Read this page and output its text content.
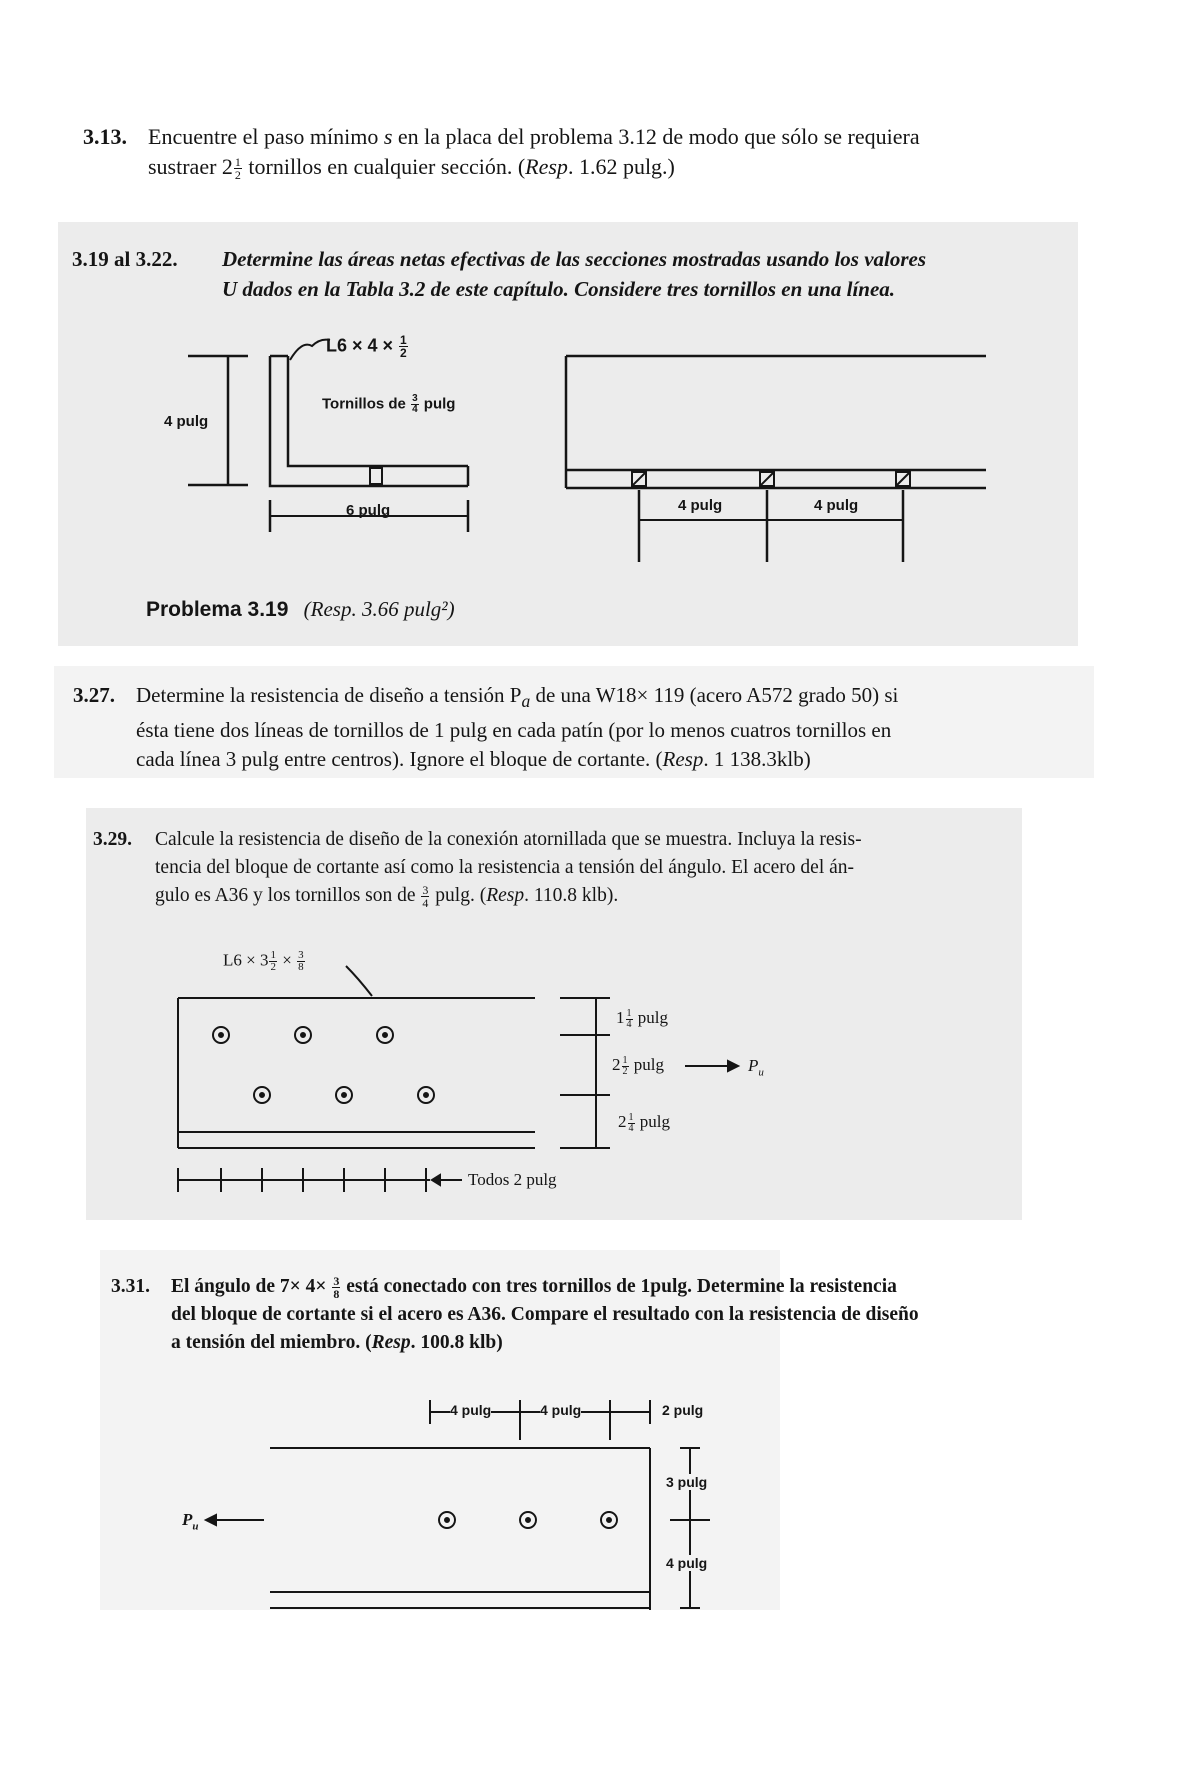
3.13. Encuentre el paso mínimo s en la placa del problema 3.12 de modo que sólo se requiera
sustraer $2 \frac{1}{2}$ tornillos en cualquier sección. (Resp. 1.62 pulg.)
3.19 al 3.22. Determine las áreas netas efectivas de las secciones mostradas usando los valores
U dados en la Tabla 3.2 de este capítulo. Considere tres tornillos en una línea.
$L6 \times 4 \times \frac{1}{2}$
Tornillos de $\frac{3}{4}$ pulg
4 pulg
6 pulg	4 pulg	4 pulg
Problema 3.19 (Resp. 3.66 pulg²)
3.27. Determine la resistencia de diseño a tensión $P_a$ de una W18× 119 (acero A572 grado 50) si
ésta tiene dos líneas de tornillos de 1 pulg en cada patín (por lo menos cuatros tornillos en
cada línea 3 pulg entre centros). Ignore el bloque de cortante. (Resp. 1 138.3klb)
3.29. Calcule la resistencia de diseño de la conexión atornillada que se muestra. Incluya la resis-
tencia del bloque de cortante así como la resistencia a tensión del ángulo. El acero del án-
gulo es A36 y los tornillos son de $\frac{3}{4} pulg$. (Resp. 110.8 klb).
$L6 \times 3 \frac{1}{2} \times \frac{3}{8}$
$1 \frac{1}{4}$ pulg
$2 \frac{1}{2}$ pulg
$2 \frac{1}{4}$ pulg
$P_u$
Todos 2 pulg
3.31. El ángulo de $7\times 4\times \frac{3}{8}$ está conectado con tres tornillos de 1pulg. Determine la resistencia
del bloque de cortante si el acero es A36. Compare el resultado con la resistencia de diseño
a tensión del miembro. (Resp. 100.8 klb)
4 pulg	4 pulg	2 pulg
3 pulg
4 pulg
$P_u$
